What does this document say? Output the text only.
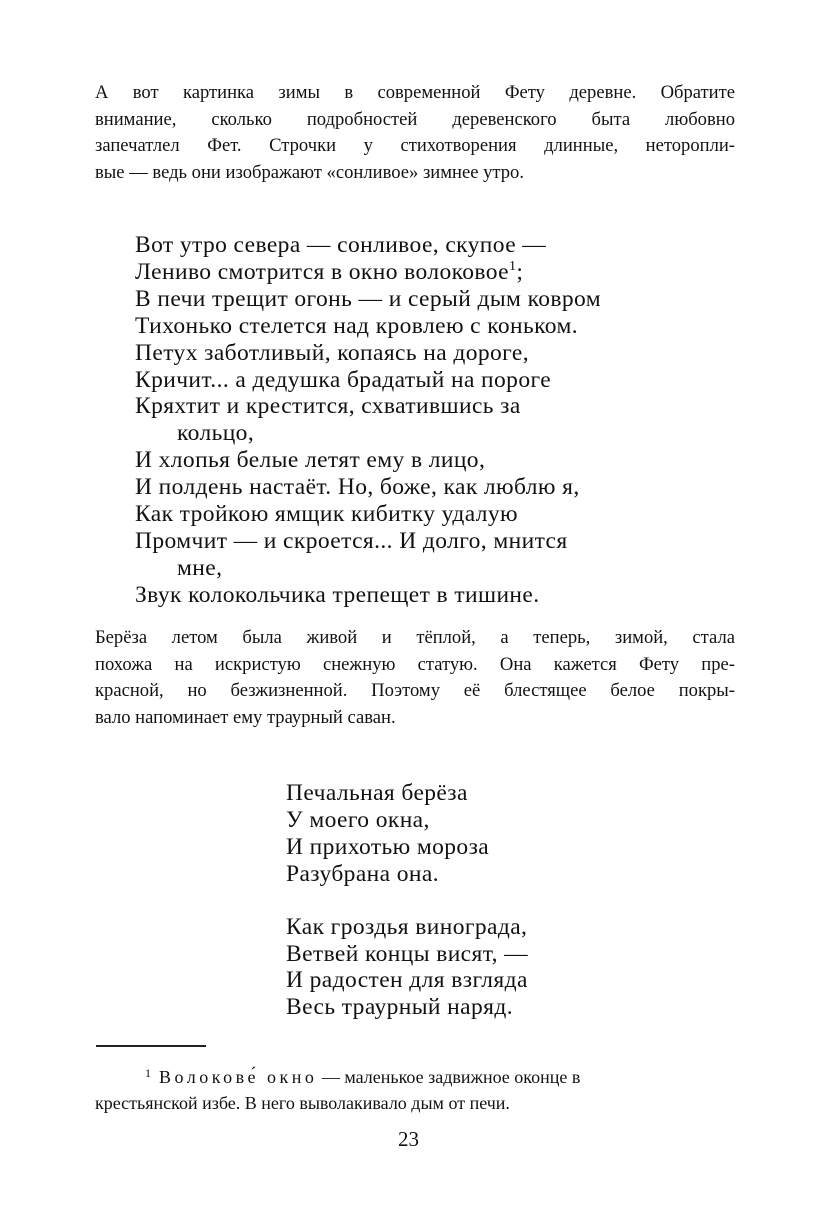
А вот картинка зимы в современной Фету деревне. Обратите
внимание, сколько подробностей деревенского быта любовно
запечатлел Фет. Строчки у стихотворения длинные, неторопли-
вые — ведь они изображают «сонливое» зимнее утро.
Вот утро севера — сонливое, скупое —
Лениво смотрится в окно волоковое$^1$;
В печи трещит огонь — и серый дым ковром
Тихонько стелется над кровлею с коньком.
Петух заботливый, копаясь на дороге,
Кричит... а дедушка брадатый на пороге
Кряхтит и крестится, схватившись за
кольцо,
И хлопья белые летят ему в лицо,
И полдень настаёт. Но, боже, как люблю я,
Как тройкою ямщик кибитку удалую
Промчит — и скроется... И долго, мнится
мне,
Звук колокольчика трепещет в тишине.
Берёза летом была живой и тёплой, а теперь, зимой, стала
похожа на искристую снежную статую. Она кажется Фету пре-
красной, но безжизненной. Поэтому её блестящее белое покры-
вало напоминает ему траурный саван.
Печальная берёза
У моего окна,
И прихотью мороза
Разубрана она.
Как гроздья винограда,
Ветвей концы висят, —
И радостен для взгляда
Весь траурный наряд.
$^1$ Волокове́ окно — маленькое задвижное оконце в
крестьянской избе. В него выволакивало дым от печи.
23
